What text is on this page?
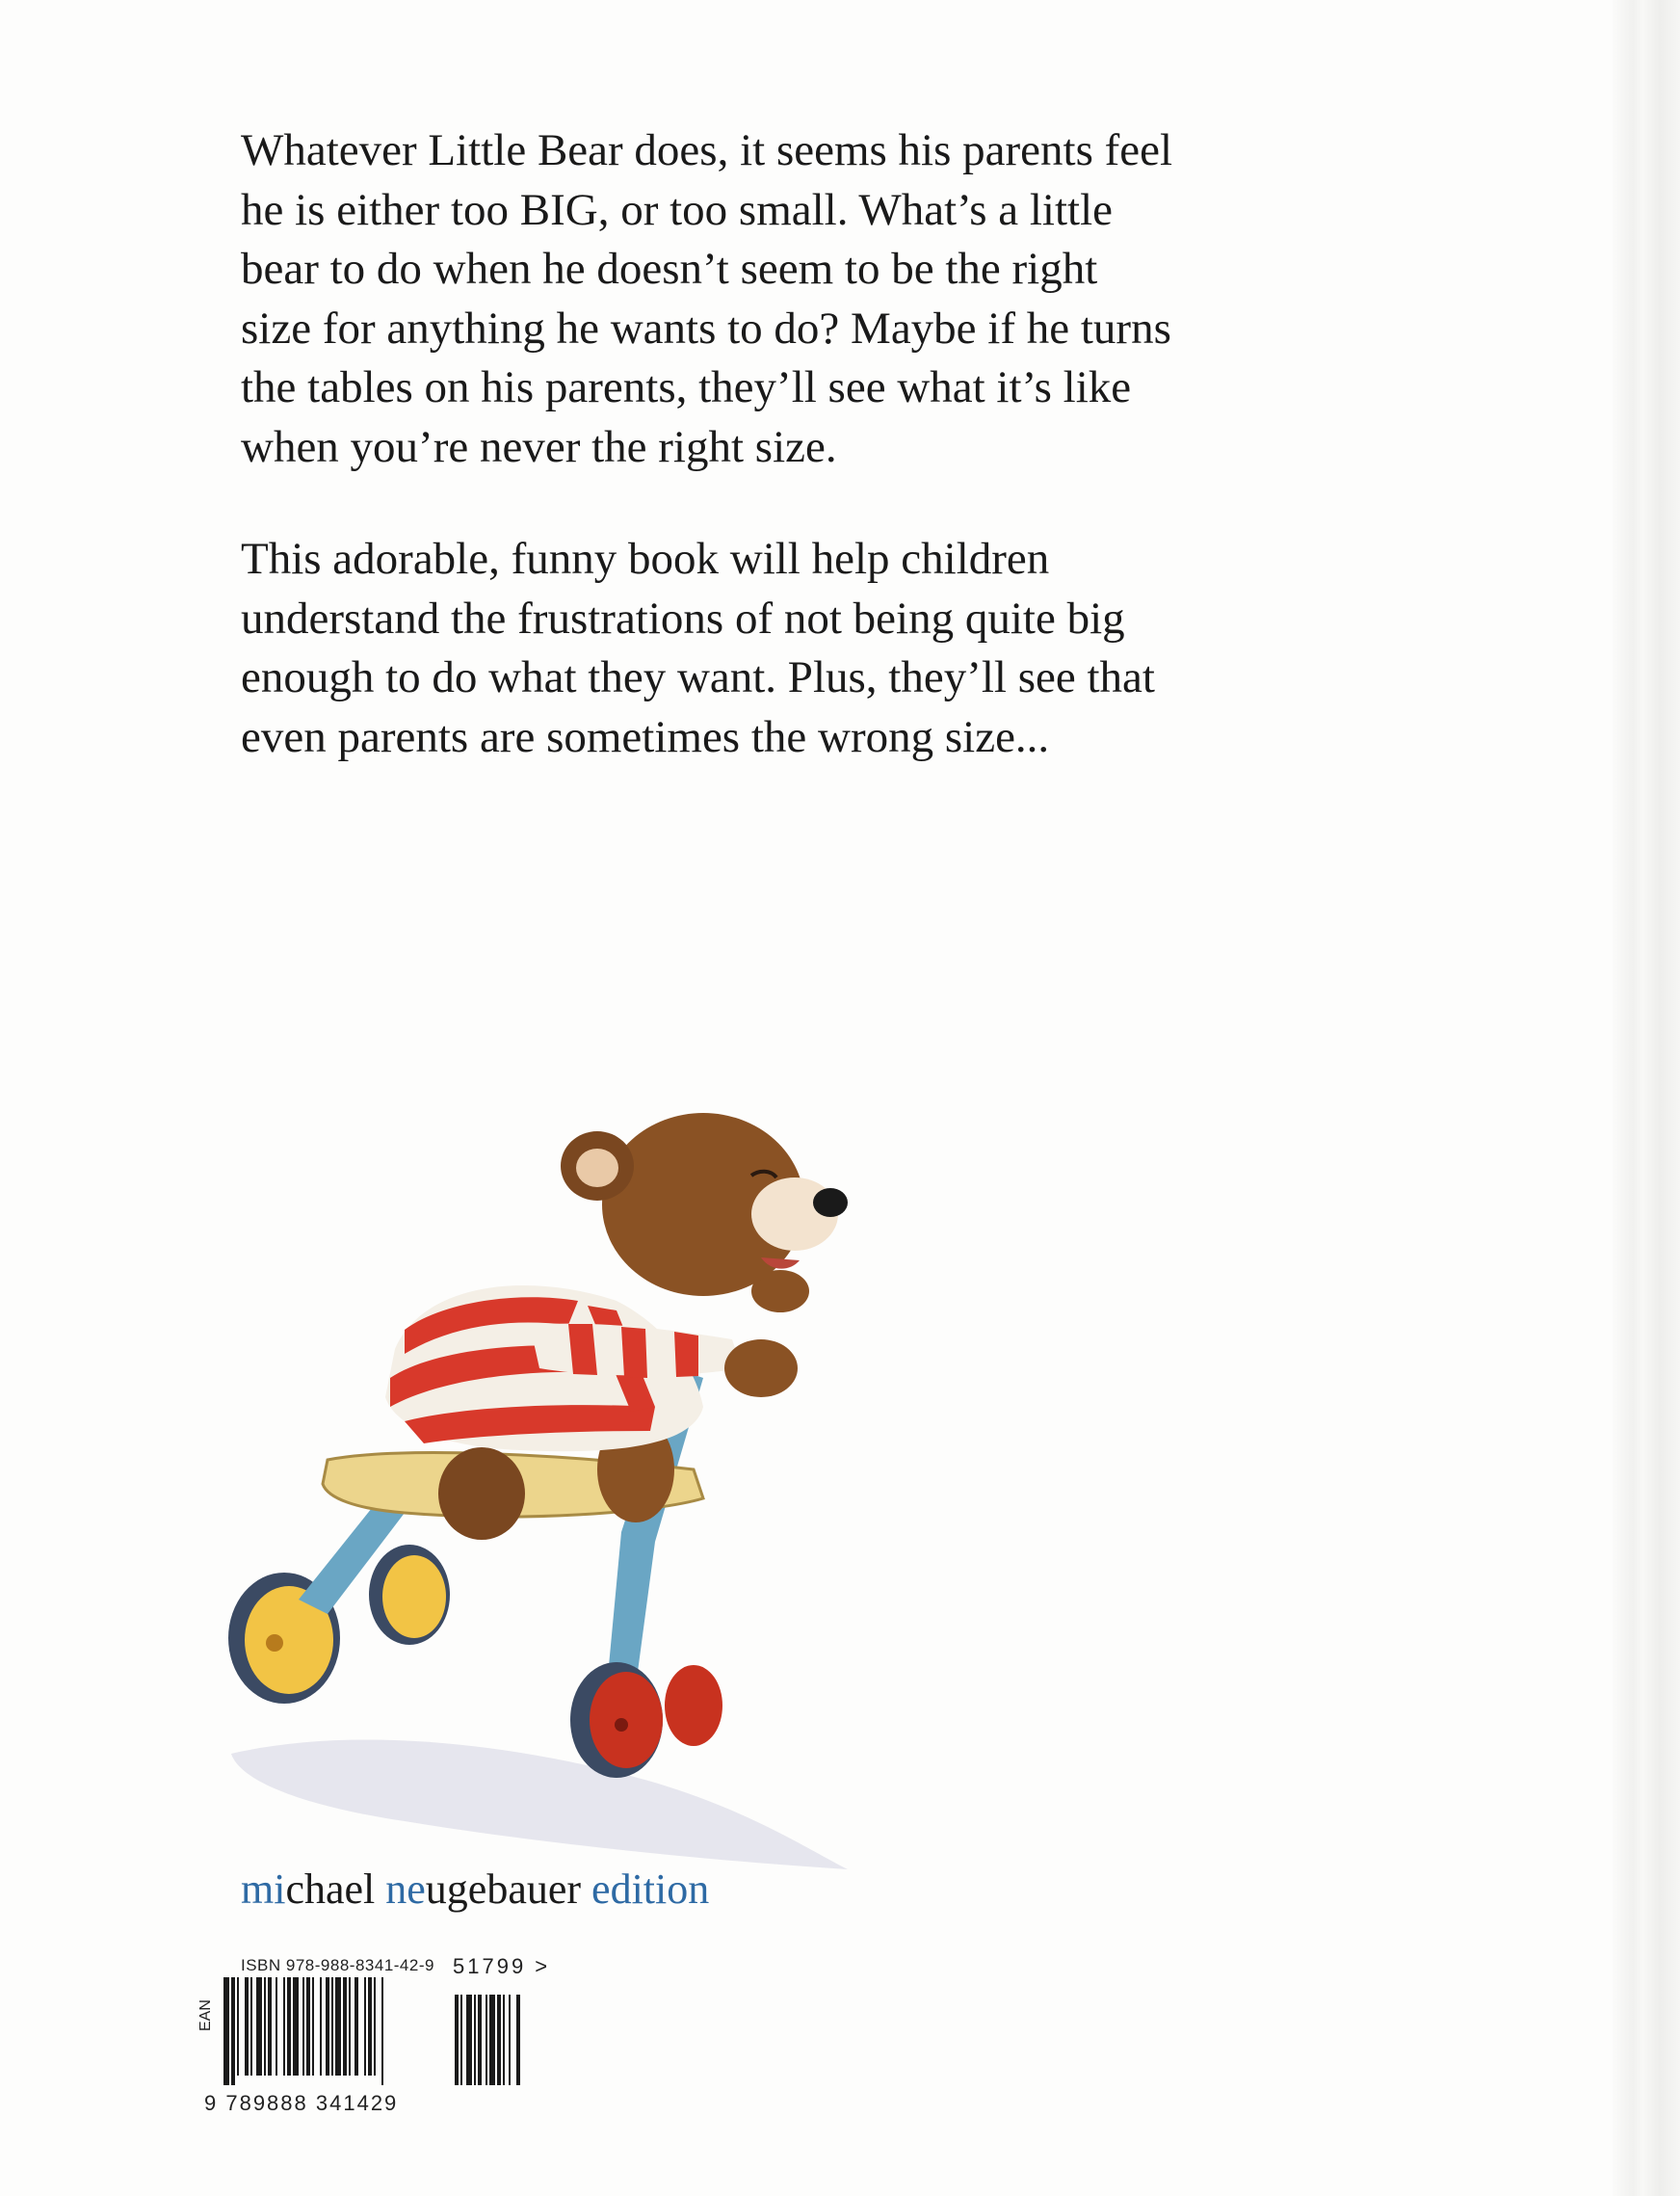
Whatever Little Bear does, it seems his parents feel
he is either too BIG, or too small. What’s a little
bear to do when he doesn’t seem to be the right
size for anything he wants to do? Maybe if he turns
the tables on his parents, they’ll see what it’s like
when you’re never the right size.

This adorable, funny book will help children
understand the frustrations of not being quite big
enough to do what they want. Plus, they’ll see that
even parents are sometimes the wrong size...

michael neugebauer edition
ISBN 978-988-8341-42-9
EAN
51799 >
9 789888 341429
